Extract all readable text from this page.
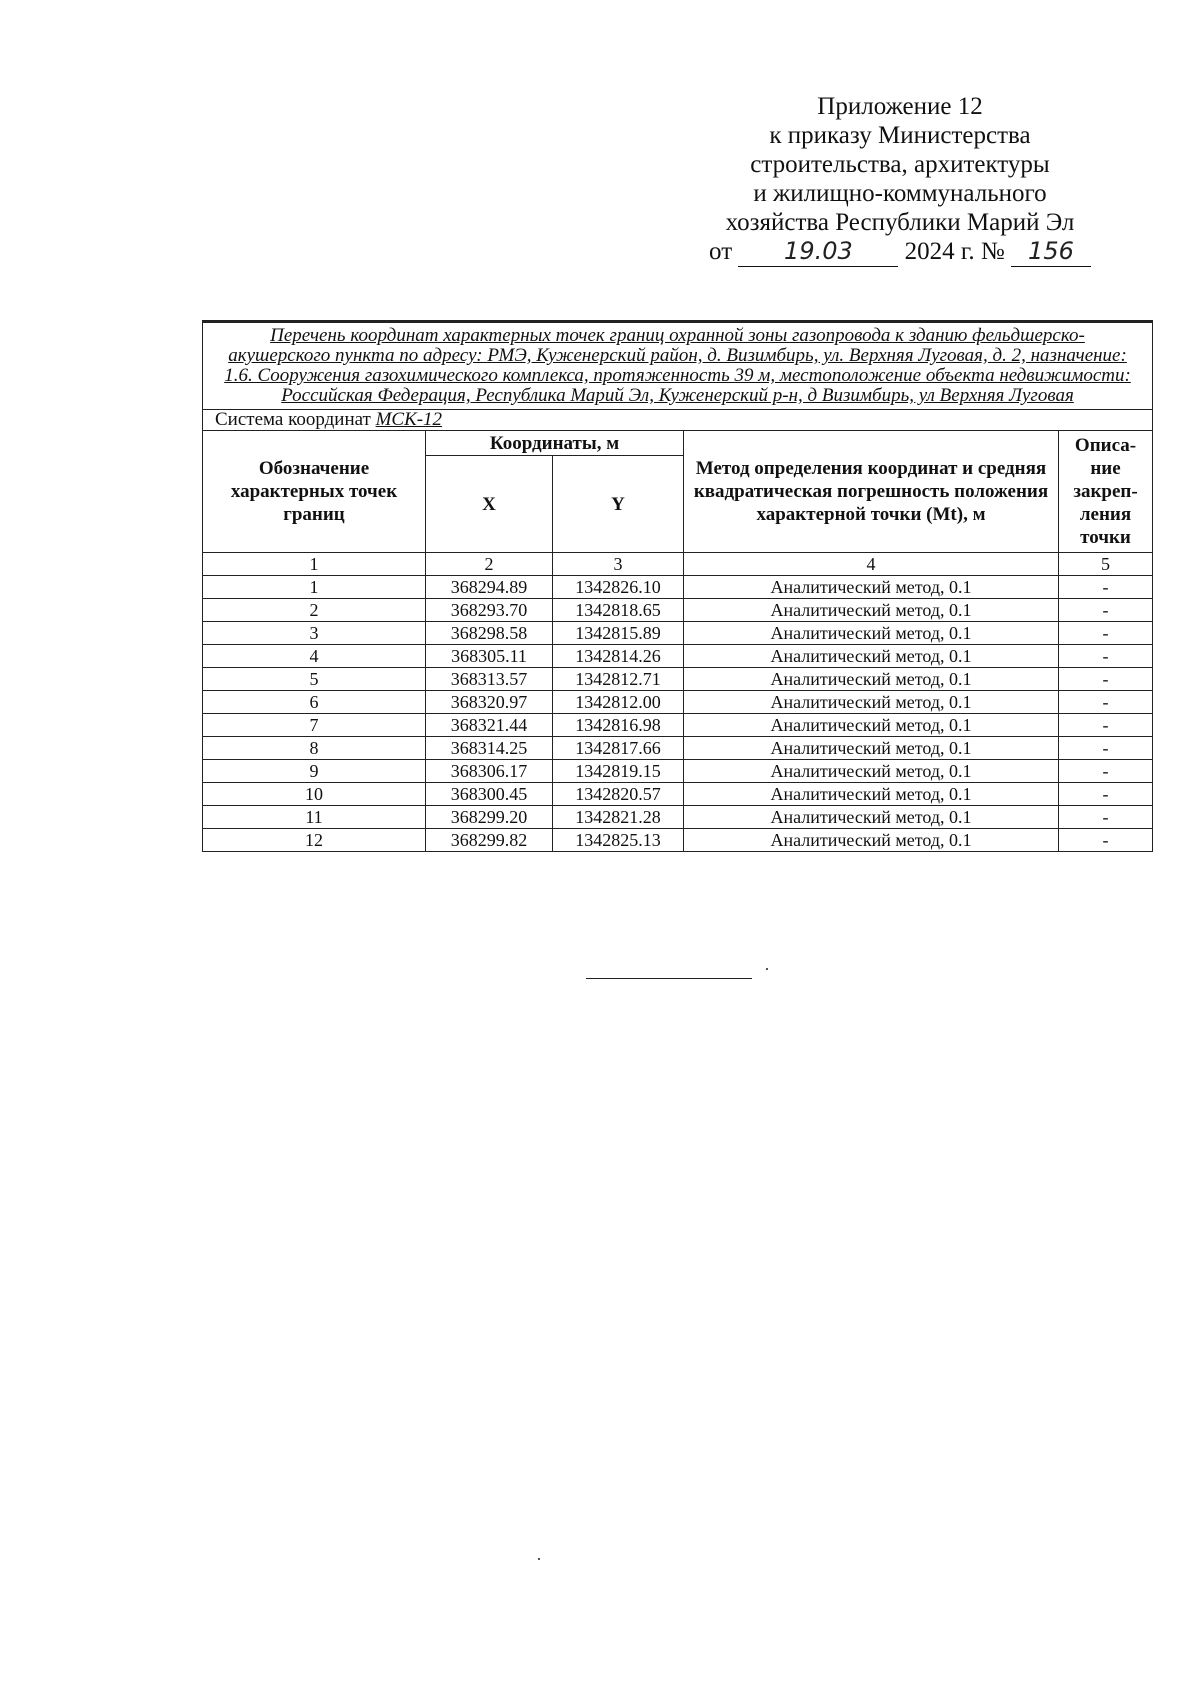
Приложение 12
к приказу Министерства
строительства, архитектуры
и жилищно-коммунального
хозяйства Республики Марий Эл
от 19.03 2024 г. № 156
Перечень координат характерных точек границ охранной зоны газопровода к зданию фельдшерско-акушерского пункта по адресу: РМЭ, Куженерский район, д. Визимбирь, ул. Верхняя Луговая, д. 2, назначение: 1.6. Сооружения газохимического комплекса, протяженность 39 м, местоположение объекта недвижимости: Российская Федерация, Республика Марий Эл, Куженерский р-н, д Визимбирь, ул Верхняя Луговая				
Система координат МСК-12				
Обозначение характерных точек границ	Координаты, м		Метод определения координат и средняя квадратическая погрешность положения характерной точки (Mt), м	Описа-ние закреп-ления точки
	X	Y		
1	2	3	4	5
1	368294.89	1342826.10	Аналитический метод, 0.1	-
2	368293.70	1342818.65	Аналитический метод, 0.1	-
3	368298.58	1342815.89	Аналитический метод, 0.1	-
4	368305.11	1342814.26	Аналитический метод, 0.1	-
5	368313.57	1342812.71	Аналитический метод, 0.1	-
6	368320.97	1342812.00	Аналитический метод, 0.1	-
7	368321.44	1342816.98	Аналитический метод, 0.1	-
8	368314.25	1342817.66	Аналитический метод, 0.1	-
9	368306.17	1342819.15	Аналитический метод, 0.1	-
10	368300.45	1342820.57	Аналитический метод, 0.1	-
11	368299.20	1342821.28	Аналитический метод, 0.1	-
12	368299.82	1342825.13	Аналитический метод, 0.1	-
